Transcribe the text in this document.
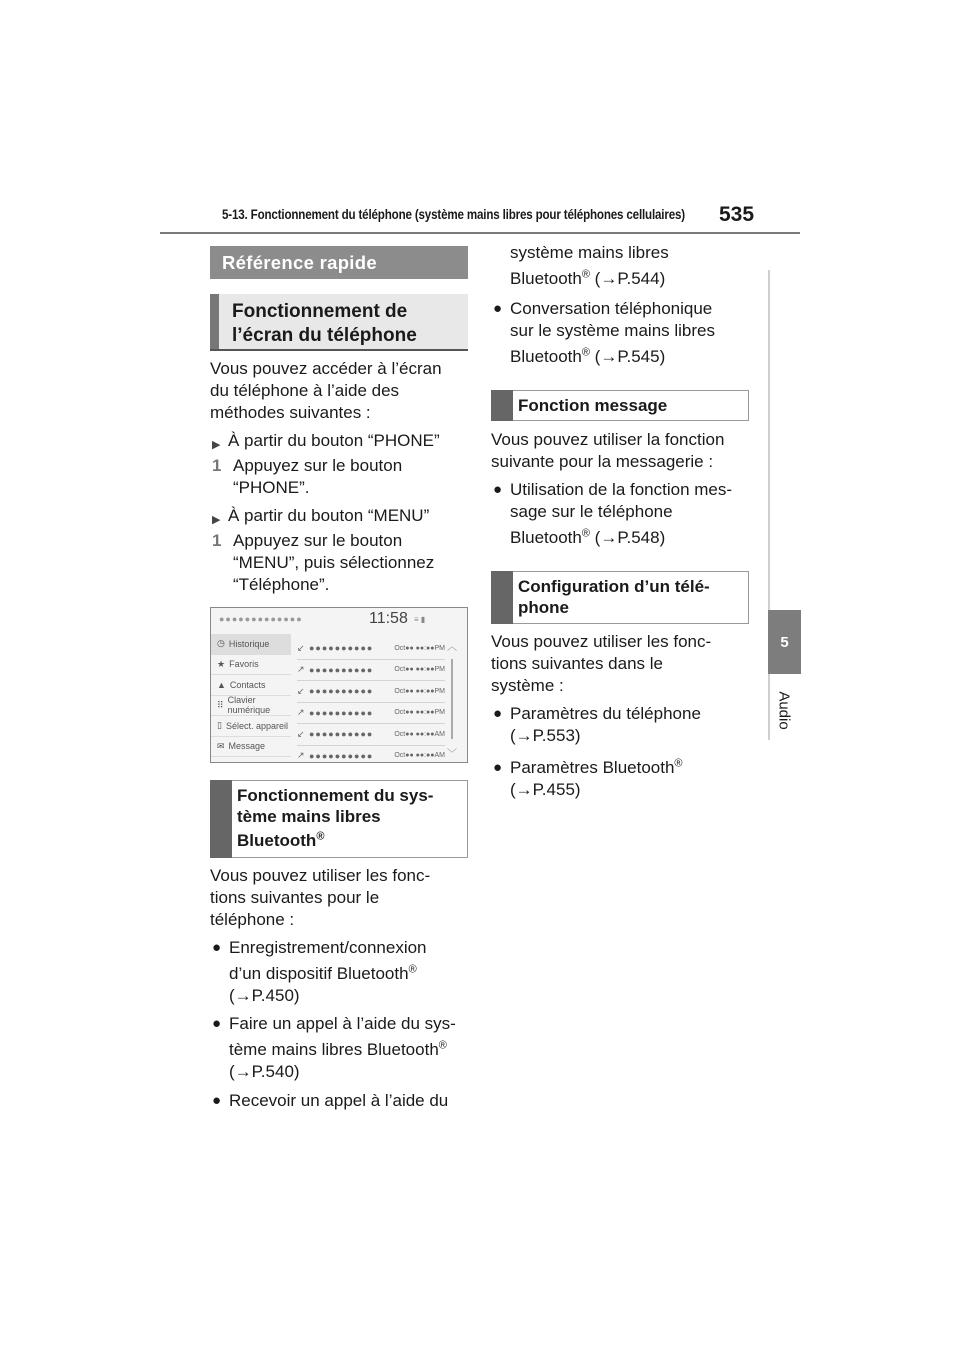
5-13. Fonctionnement du téléphone (système mains libres pour téléphones cellulaires) 535
5
Audio
Référence rapide
Fonctionnement de
l’écran du téléphone
Vous pouvez accéder à l’écran
du téléphone à l’aide des
méthodes suivantes :
▶ À partir du bouton “PHONE”
1 Appuyez sur le bouton
“PHONE”.
▶ À partir du bouton “MENU”
1 Appuyez sur le bouton
“MENU”, puis sélectionnez
“Téléphone”.
●●●●●●●●●●●●●	11:58 ≡ ▮
◷ Historique
★ Favoris
▲ Contacts
⠿ Clavier numérique
▯ Sélect. appareil
✉ Message
↙ ●●●●●●●●●●	Oct●● ●●:●●PM
↗ ●●●●●●●●●●	Oct●● ●●:●●PM
↙ ●●●●●●●●●●	Oct●● ●●:●●PM
↗ ●●●●●●●●●●	Oct●● ●●:●●PM
↙ ●●●●●●●●●●	Oct●● ●●:●●AM
↗ ●●●●●●●●●●	Oct●● ●●:●●AM
︿
﹀
Fonctionnement du sys-
tème mains libres
Bluetooth®
Vous pouvez utiliser les fonc-
tions suivantes pour le
téléphone :
● Enregistrement/connexion
d’un dispositif Bluetooth®
(→P.450)
● Faire un appel à l’aide du sys-
tème mains libres Bluetooth®
(→P.540)
● Recevoir un appel à l’aide du
système mains libres
Bluetooth® (→P.544)
● Conversation téléphonique
sur le système mains libres
Bluetooth® (→P.545)
Fonction message
Vous pouvez utiliser la fonction
suivante pour la messagerie :
● Utilisation de la fonction mes-
sage sur le téléphone
Bluetooth® (→P.548)
Configuration d’un télé-
phone
Vous pouvez utiliser les fonc-
tions suivantes dans le
système :
● Paramètres du téléphone
(→P.553)
● Paramètres Bluetooth®
(→P.455)
